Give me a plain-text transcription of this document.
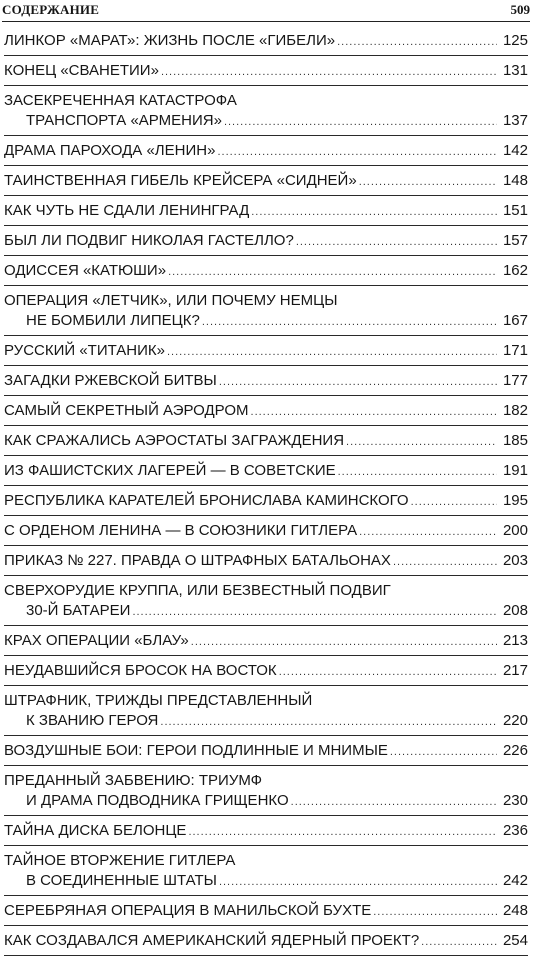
СОДЕРЖАНИЕ	509
ЛИНКОР «МАРАТ»: ЖИЗНЬ ПОСЛЕ «ГИБЕЛИ» .....	125
КОНЕЦ «СВАНЕТИИ» .....	131
ЗАСЕКРЕЧЕННАЯ КАТАСТРОФА
ТРАНСПОРТА «АРМЕНИЯ» .....	137
ДРАМА ПАРОХОДА «ЛЕНИН» .....	142
ТАИНСТВЕННАЯ ГИБЕЛЬ КРЕЙСЕРА «СИДНЕЙ» .....	148
КАК ЧУТЬ НЕ СДАЛИ ЛЕНИНГРАД .....	151
БЫЛ ЛИ ПОДВИГ НИКОЛАЯ ГАСТЕЛЛО? .....	157
ОДИССЕЯ «КАТЮШИ» .....	162
ОПЕРАЦИЯ «ЛЕТЧИК», ИЛИ ПОЧЕМУ НЕМЦЫ
НЕ БОМБИЛИ ЛИПЕЦК? .....	167
РУССКИЙ «ТИТАНИК» .....	171
ЗАГАДКИ РЖЕВСКОЙ БИТВЫ .....	177
САМЫЙ СЕКРЕТНЫЙ АЭРОДРОМ .....	182
КАК СРАЖАЛИСЬ АЭРОСТАТЫ ЗАГРАЖДЕНИЯ .....	185
ИЗ ФАШИСТСКИХ ЛАГЕРЕЙ — В СОВЕТСКИЕ .....	191
РЕСПУБЛИКА КАРАТЕЛЕЙ БРОНИСЛАВА КАМИНСКОГО .....	195
С ОРДЕНОМ ЛЕНИНА — В СОЮЗНИКИ ГИТЛЕРА .....	200
ПРИКАЗ № 227. ПРАВДА О ШТРАФНЫХ БАТАЛЬОНАХ .....	203
СВЕРХОРУДИЕ КРУППА, ИЛИ БЕЗВЕСТНЫЙ ПОДВИГ
30-Й БАТАРЕИ .....	208
КРАХ ОПЕРАЦИИ «БЛАУ» .....	213
НЕУДАВШИЙСЯ БРОСОК НА ВОСТОК .....	217
ШТРАФНИК, ТРИЖДЫ ПРЕДСТАВЛЕННЫЙ
К ЗВАНИЮ ГЕРОЯ .....	220
ВОЗДУШНЫЕ БОИ: ГЕРОИ ПОДЛИННЫЕ И МНИМЫЕ .....	226
ПРЕДАННЫЙ ЗАБВЕНИЮ: ТРИУМФ
И ДРАМА ПОДВОДНИКА ГРИЩЕНКО .....	230
ТАЙНА ДИСКА БЕЛОНЦЕ .....	236
ТАЙНОЕ ВТОРЖЕНИЕ ГИТЛЕРА
В СОЕДИНЕННЫЕ ШТАТЫ .....	242
СЕРЕБРЯНАЯ ОПЕРАЦИЯ В МАНИЛЬСКОЙ БУХТЕ .....	248
КАК СОЗДАВАЛСЯ АМЕРИКАНСКИЙ ЯДЕРНЫЙ ПРОЕКТ? .....	254
